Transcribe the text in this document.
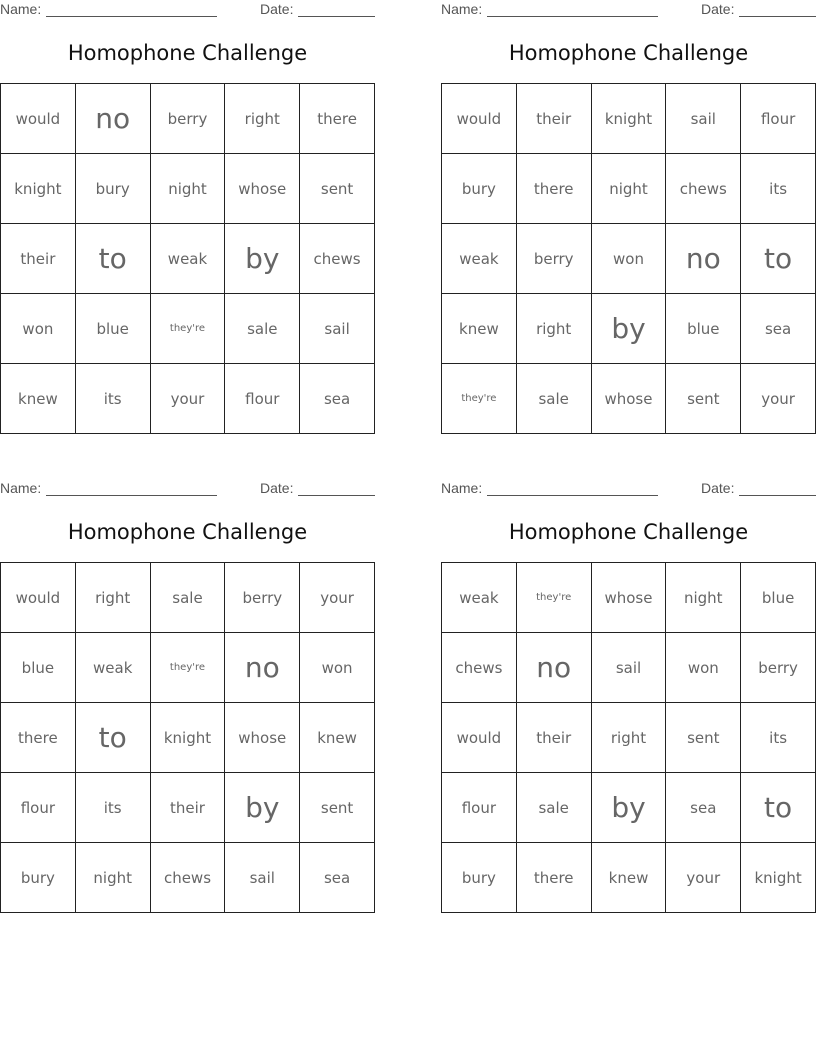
Name:	Date:
Homophone Challenge
would	no	berry	right	there
knight	bury	night	whose	sent
their	to	weak	by	chews
won	blue	they're	sale	sail
knew	its	your	flour	sea
Name:	Date:
Homophone Challenge
would	their	knight	sail	flour
bury	there	night	chews	its
weak	berry	won	no	to
knew	right	by	blue	sea
they're	sale	whose	sent	your
Name:	Date:
Homophone Challenge
would	right	sale	berry	your
blue	weak	they're	no	won
there	to	knight	whose	knew
flour	its	their	by	sent
bury	night	chews	sail	sea
Name:	Date:
Homophone Challenge
weak	they're	whose	night	blue
chews	no	sail	won	berry
would	their	right	sent	its
flour	sale	by	sea	to
bury	there	knew	your	knight
